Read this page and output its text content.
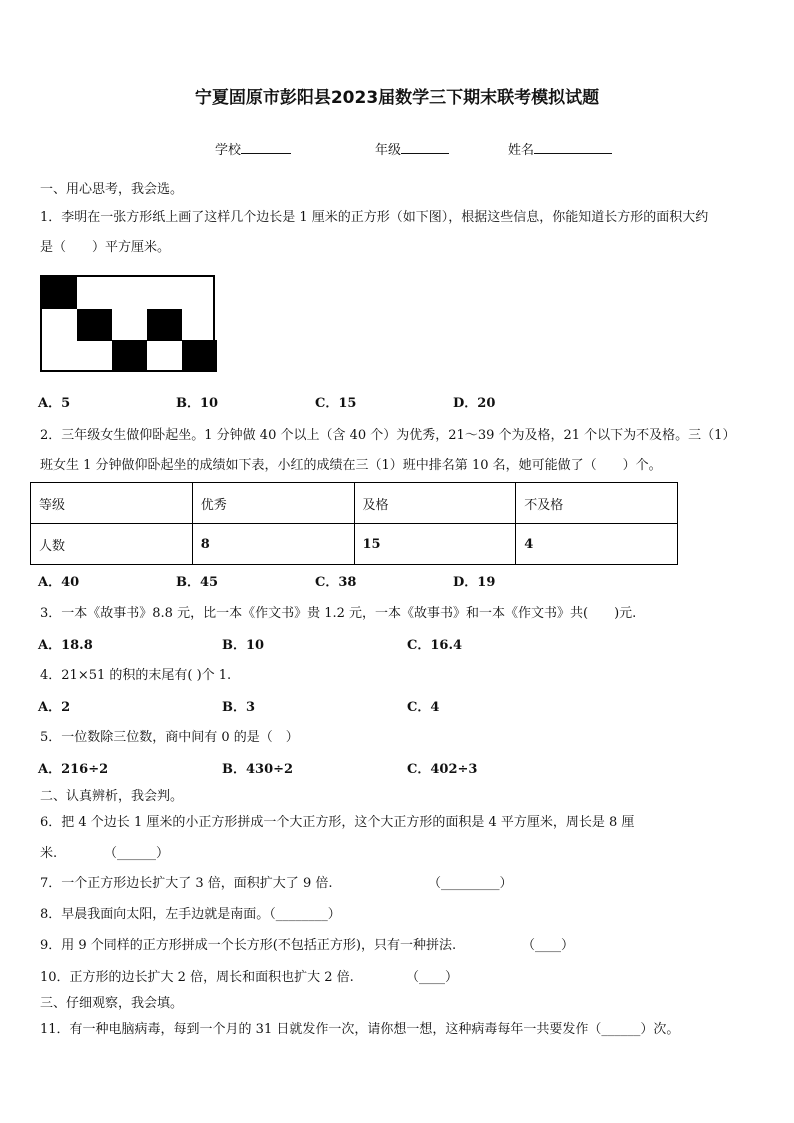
宁夏固原市彭阳县2023届数学三下期末联考模拟试题
学校	年级	姓名
一、用心思考，我会选。
1．李明在一张方形纸上画了这样几个边长是 1 厘米的正方形（如下图），根据这些信息，你能知道长方形的面积大约
是（　　）平方厘米。
A．5	B．10	C．15	D．20
2．三年级女生做仰卧起坐。1 分钟做 40 个以上（含 40 个）为优秀，21～39 个为及格，21 个以下为不及格。三（1）
班女生 1 分钟做仰卧起坐的成绩如下表，小红的成绩在三（1）班中排名第 10 名，她可能做了（　　）个。
等级	优秀	及格	不及格
人数	8	15	4
A．40	B．45	C．38	D．19
3．一本《故事书》8.8 元，比一本《作文书》贵 1.2 元，一本《故事书》和一本《作文书》共(　　)元.
A．18.8	B．10	C．16.4
4．21×51 的积的末尾有( )个 1.
A．2	B．3	C．4
5．一位数除三位数，商中间有 0 的是（　）
A．216÷2	B．430÷2	C．402÷3
二、认真辨析，我会判。
6．把 4 个边长 1 厘米的小正方形拼成一个大正方形，这个大正方形的面积是 4 平方厘米，周长是 8 厘
米.	（______）
7．一个正方形边长扩大了 3 倍，面积扩大了 9 倍.	（_________）
8．早晨我面向太阳，左手边就是南面。（________）
9．用 9 个同样的正方形拼成一个长方形(不包括正方形)，只有一种拼法.	（____）
10．正方形的边长扩大 2 倍，周长和面积也扩大 2 倍.	（____）
三、仔细观察，我会填。
11．有一种电脑病毒，每到一个月的 31 日就发作一次，请你想一想，这种病毒每年一共要发作（______）次。
